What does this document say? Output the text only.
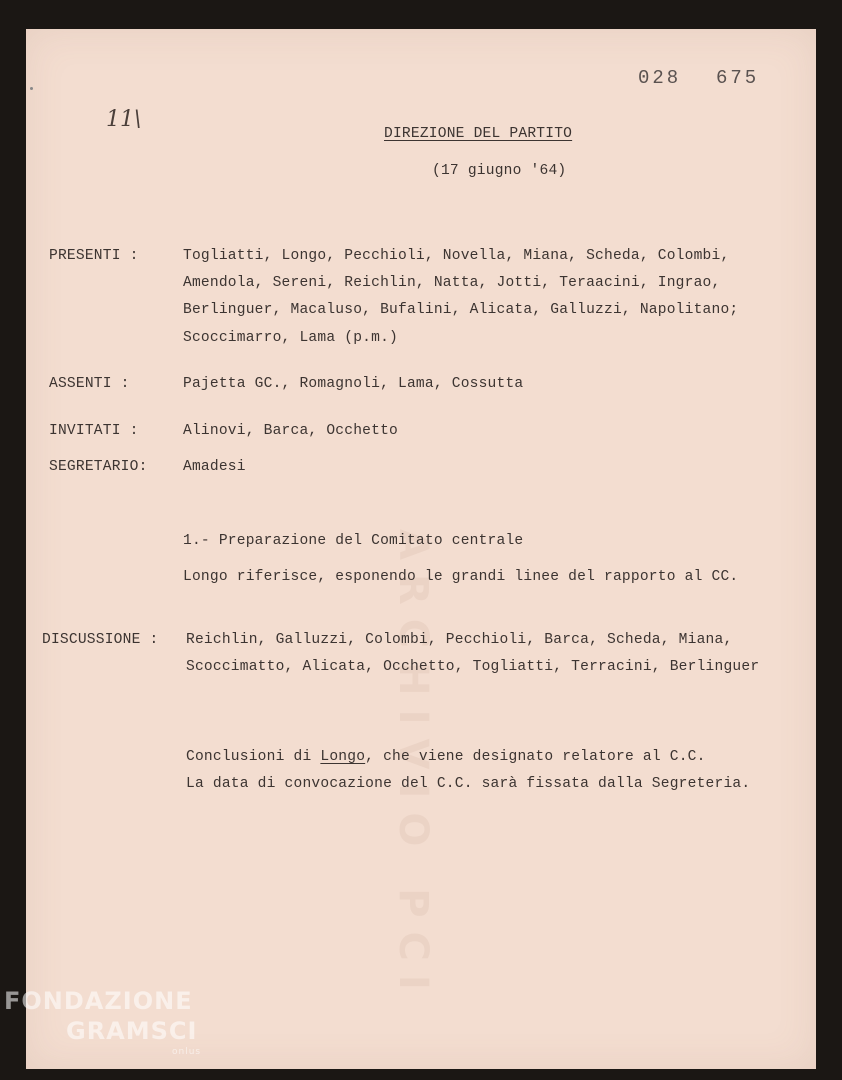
ARCHIVIO PCI
028 675
11\
DIREZIONE DEL PARTITO
(17 giugno '64)
PRESENTI :	Togliatti, Longo, Pecchioli, Novella, Miana, Scheda, Colombi,
Amendola, Sereni, Reichlin, Natta, Jotti, Teraacini, Ingrao,
Berlinguer, Macaluso, Bufalini, Alicata, Galluzzi, Napolitano;
Scoccimarro, Lama (p.m.)
ASSENTI :	Pajetta GC., Romagnoli, Lama, Cossutta
INVITATI :	Alinovi, Barca, Occhetto
SEGRETARIO: Amadesi
1.- Preparazione del Comitato centrale
Longo riferisce, esponendo le grandi linee del rapporto al CC.
DISCUSSIONE : Reichlin, Galluzzi, Colombi, Pecchioli, Barca, Scheda, Miana,
Scoccimatto, Alicata, Occhetto, Togliatti, Terracini, Berlinguer
Conclusioni di Longo, che viene designato relatore al C.C.
La data di convocazione del C.C. sarà fissata dalla Segreteria.
FONDAZIONE
GRAMSCI
onlus
